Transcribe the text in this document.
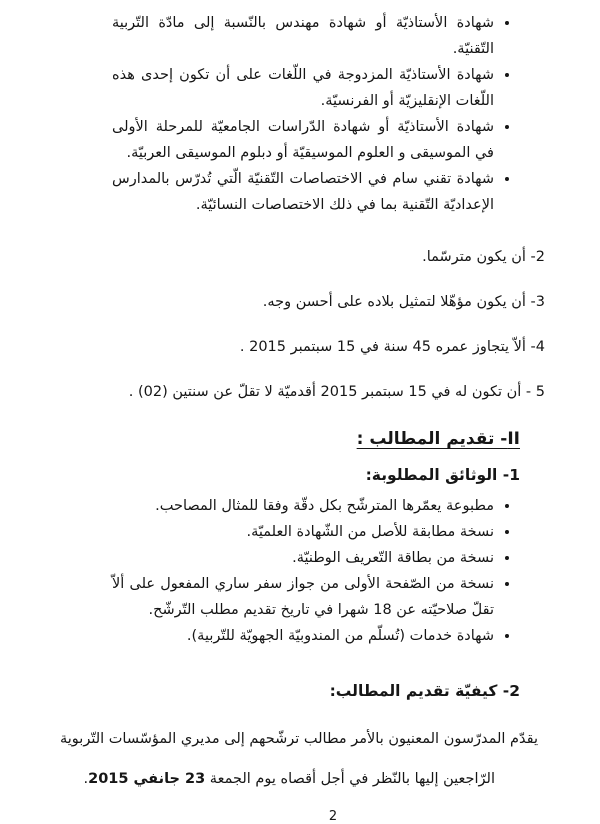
• شهادة الأستاذيّة أو شهادة مهندس بالنّسبة إلى مادّة التّربية التّقنيّة.
• شهادة الأستاذيّة المزدوجة في اللّغات على أن تكون إحدى هذه اللّغات الإنقليزيّة أو الفرنسيّة.
• شهادة الأستاذيّة أو شهادة الدّراسات الجامعيّة للمرحلة الأولى في الموسيقى و العلوم الموسيقيّة أو دبلوم الموسيقى العربيّة.
• شهادة تقني سام في الاختصاصات التّقنيّة الّتي تُدرّس بالمدارس الإعداديّة التّقنية بما في ذلك الاختصاصات النسائيّة.
2- أن يكون مترسّما.
3- أن يكون مؤهّلا لتمثيل بلاده على أحسن وجه.
4- ألاّ يتجاوز عمره 45 سنة في 15 سبتمبر 2015 .
5 - أن تكون له في 15 سبتمبر 2015 أقدميّة لا تقلّ عن سنتين (02) .
II- تقديم المطالب :
1- الوثائق المطلوبة:
• مطبوعة يعمّرها المترشّح بكل دقّة وفقا للمثال المصاحب.
• نسخة مطابقة للأصل من الشّهادة العلميّة.
• نسخة من بطاقة التّعريف الوطنيّة.
• نسخة من الصّفحة الأولى من جواز سفر ساري المفعول على ألاّ تقلّ صلاحيّته عن 18 شهرا في تاريخ تقديم مطلب التّرشّح.
• شهادة خدمات (تُسلّم من المندوبيّة الجهويّة للتّربية).
2- كيفيّة تقديم المطالب:
يقدّم المدرّسون المعنيون بالأمر مطالب ترشّحهم إلى مديري المؤسّسات التّربوية
الرّاجعين إليها بالنّظر في أجل أقصاه يوم الجمعة 23 جانفي 2015.
2
